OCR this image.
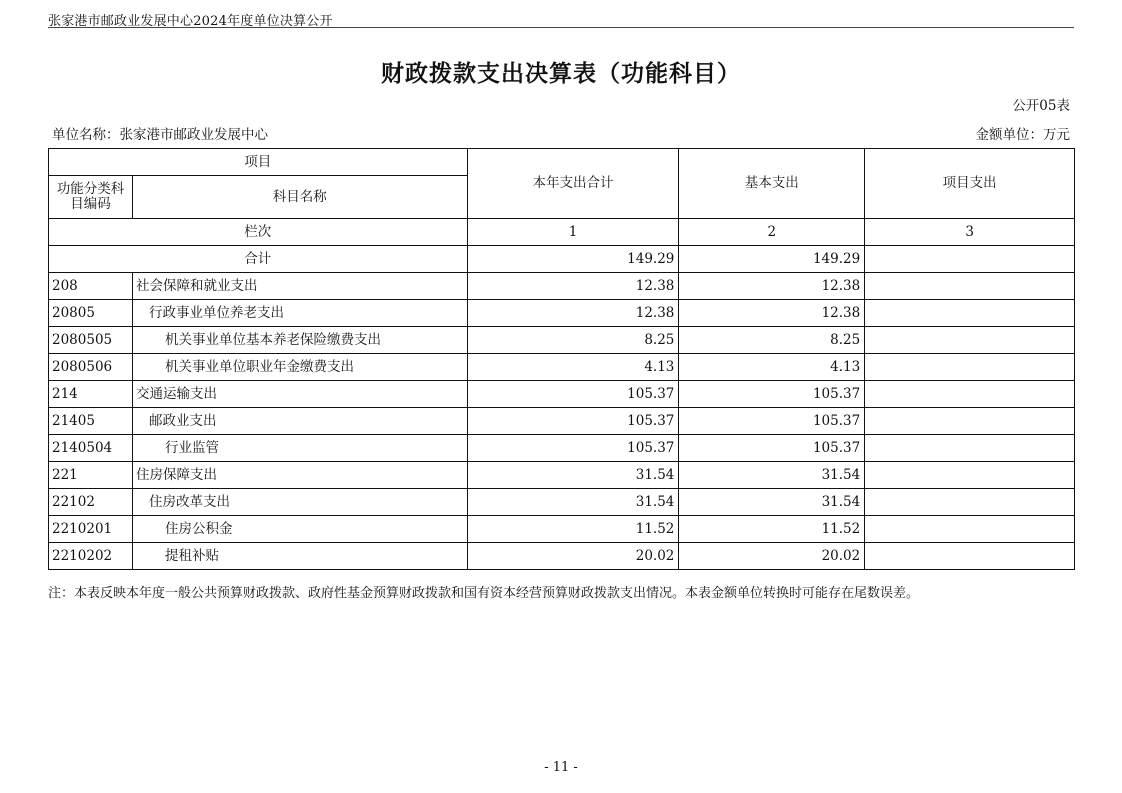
张家港市邮政业发展中心2024年度单位决算公开
财政拨款支出决算表（功能科目）
公开05表
单位名称：张家港市邮政业发展中心	金额单位：万元
项目		本年支出合计	基本支出	项目支出
功能分类科目编码	科目名称			
栏次		1	2	3
合计		149.29	149.29	
208	社会保障和就业支出	12.38	12.38	
20805	行政事业单位养老支出	12.38	12.38	
2080505	机关事业单位基本养老保险缴费支出	8.25	8.25	
2080506	机关事业单位职业年金缴费支出	4.13	4.13	
214	交通运输支出	105.37	105.37	
21405	邮政业支出	105.37	105.37	
2140504	行业监管	105.37	105.37	
221	住房保障支出	31.54	31.54	
22102	住房改革支出	31.54	31.54	
2210201	住房公积金	11.52	11.52	
2210202	提租补贴	20.02	20.02	
注：本表反映本年度一般公共预算财政拨款、政府性基金预算财政拨款和国有资本经营预算财政拨款支出情况。本表金额单位转换时可能存在尾数误差。
- 11 -
